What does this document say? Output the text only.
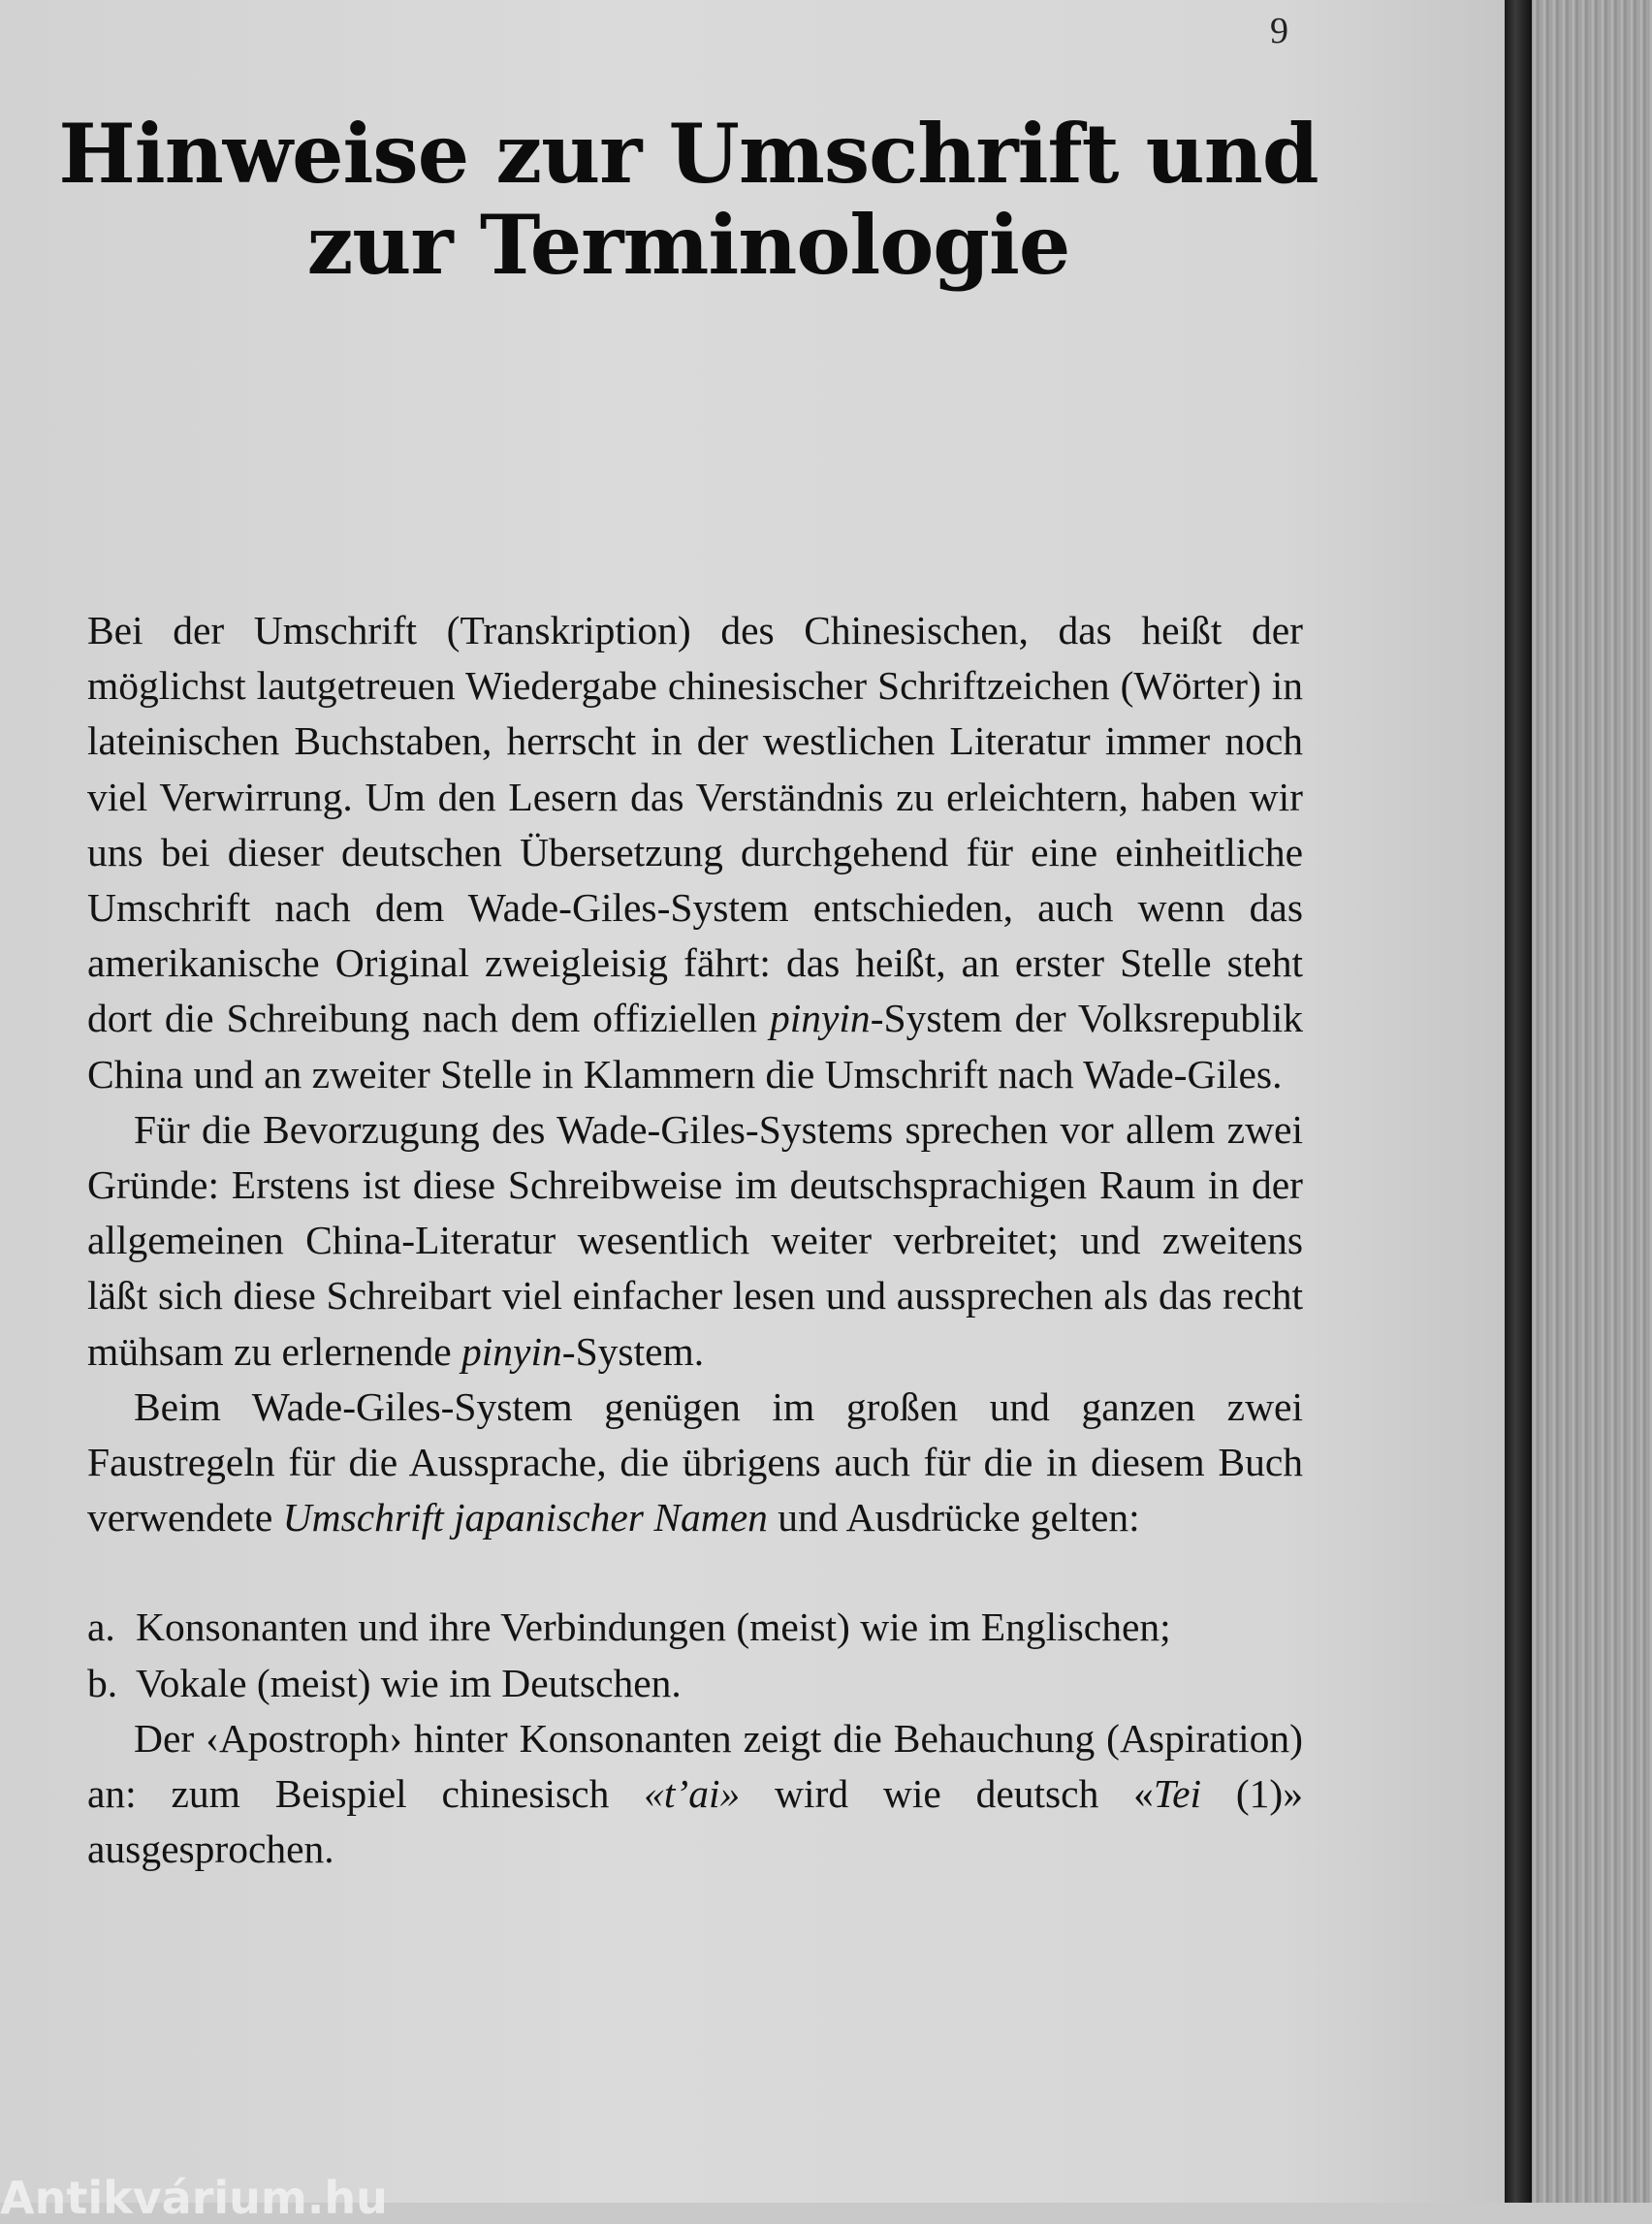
9
Hinweise zur Umschrift und
zur Terminologie

Bei der Umschrift (Transkription) des Chinesischen, das heißt der möglichst lautgetreuen Wiedergabe chinesischer Schriftzeichen (Wörter) in lateinischen Buchstaben, herrscht in der westlichen Literatur immer noch viel Verwirrung. Um den Lesern das Verständnis zu erleichtern, haben wir uns bei dieser deutschen Übersetzung durchgehend für eine einheitliche Umschrift nach dem Wade-Giles-System entschieden, auch wenn das amerikanische Original zweigleisig fährt: das heißt, an erster Stelle steht dort die Schreibung nach dem offiziellen pinyin-System der Volksrepublik China und an zweiter Stelle in Klammern die Umschrift nach Wade-Giles.

Für die Bevorzugung des Wade-Giles-Systems sprechen vor allem zwei Gründe: Erstens ist diese Schreibweise im deutschsprachigen Raum in der allgemeinen China-Literatur wesentlich weiter verbreitet; und zweitens läßt sich diese Schreibart viel einfacher lesen und aussprechen als das recht mühsam zu erlernende pinyin-System.

Beim Wade-Giles-System genügen im großen und ganzen zwei Faustregeln für die Aussprache, die übrigens auch für die in diesem Buch verwendete Umschrift japanischer Namen und Ausdrücke gelten:

a. Konsonanten und ihre Verbindungen (meist) wie im Englischen;

b. Vokale (meist) wie im Deutschen.

Der ‹Apostroph› hinter Konsonanten zeigt die Behauchung (Aspiration) an: zum Beispiel chinesisch «t’ai» wird wie deutsch «Tei (1)» ausgesprochen.

Antikvárium.hu
